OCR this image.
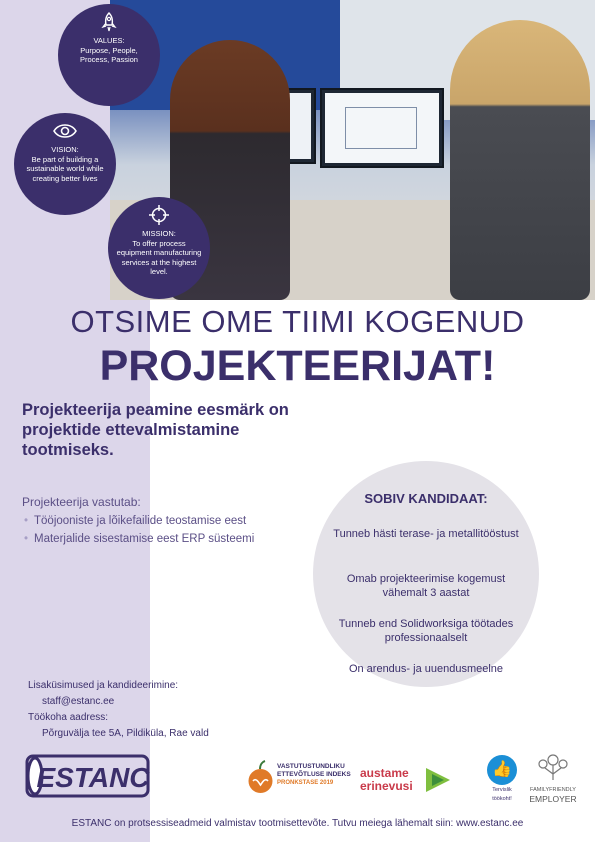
VALUES:
Purpose, People, Process, Passion
VISION:
Be part of building a sustainable world while creating better lives
MISSION:
To offer process equipment manufacturing services at the highest level.
OTSIME OME TIIMI KOGENUD
PROJEKTEERIJAT!
Projekteerija peamine eesmärk on projektide ettevalmistamine tootmiseks.
Projekteerija vastutab:
• Tööjooniste ja lõikefailide teostamise eest
• Materjalide sisestamise eest ERP süsteemi
SOBIV KANDIDAAT:
Tunneb hästi terase- ja metallitööstust
Omab projekteerimise kogemust vähemalt 3 aastat
Tunneb end Solidworksiga töötades professionaalselt
On arendus- ja uuendusmeelne
Lisaküsimused ja kandideerimine:
staff@estanc.ee
Töökoha aadress:
Põrguvälja tee 5A, Pildiküla, Rae vald
ESTANC	VASTUTUSTUNDLIKU ETTEVÕTLUSE INDEKS
PRONKSTASE 2019
austame
erinevusi
👍
Tervislik
töökoht!
FAMILYFRIENDLY
EMPLOYER
ESTANC on protsessiseadmeid valmistav tootmisettevõte. Tutvu meiega lähemalt siin: www.estanc.ee
